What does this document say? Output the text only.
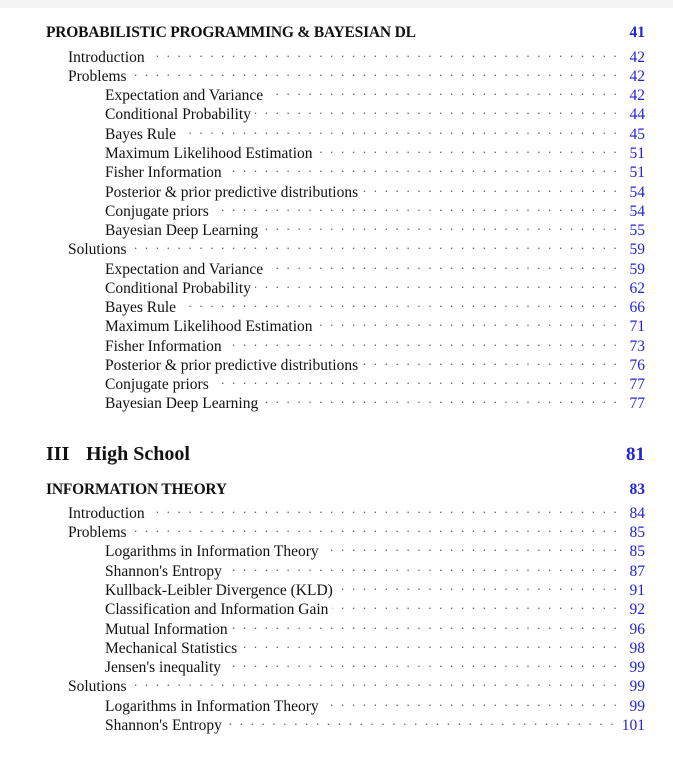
PROBABILISTIC PROGRAMMING & BAYESIAN DL	41
Introduction . . .	42
Problems . . .	42
Expectation and Variance . . .	42
Conditional Probability . . .	44
Bayes Rule . . .	45
Maximum Likelihood Estimation . . .	51
Fisher Information . . .	51
Posterior & prior predictive distributions . . .	54
Conjugate priors . . .	54
Bayesian Deep Learning . . .	55
Solutions . . .	59
Expectation and Variance . . .	59
Conditional Probability . . .	62
Bayes Rule . . .	66
Maximum Likelihood Estimation . . .	71
Fisher Information . . .	73
Posterior & prior predictive distributions . . .	76
Conjugate priors . . .	77
Bayesian Deep Learning . . .	77
III High School	81
INFORMATION THEORY	83
Introduction . . .	84
Problems . . .	85
Logarithms in Information Theory . . .	85
Shannon's Entropy . . .	87
Kullback-Leibler Divergence (KLD) . . .	91
Classification and Information Gain . . .	92
Mutual Information . . .	96
Mechanical Statistics . . .	98
Jensen's inequality . . .	99
Solutions . . .	99
Logarithms in Information Theory . . .	99
Shannon's Entropy . . .	101
